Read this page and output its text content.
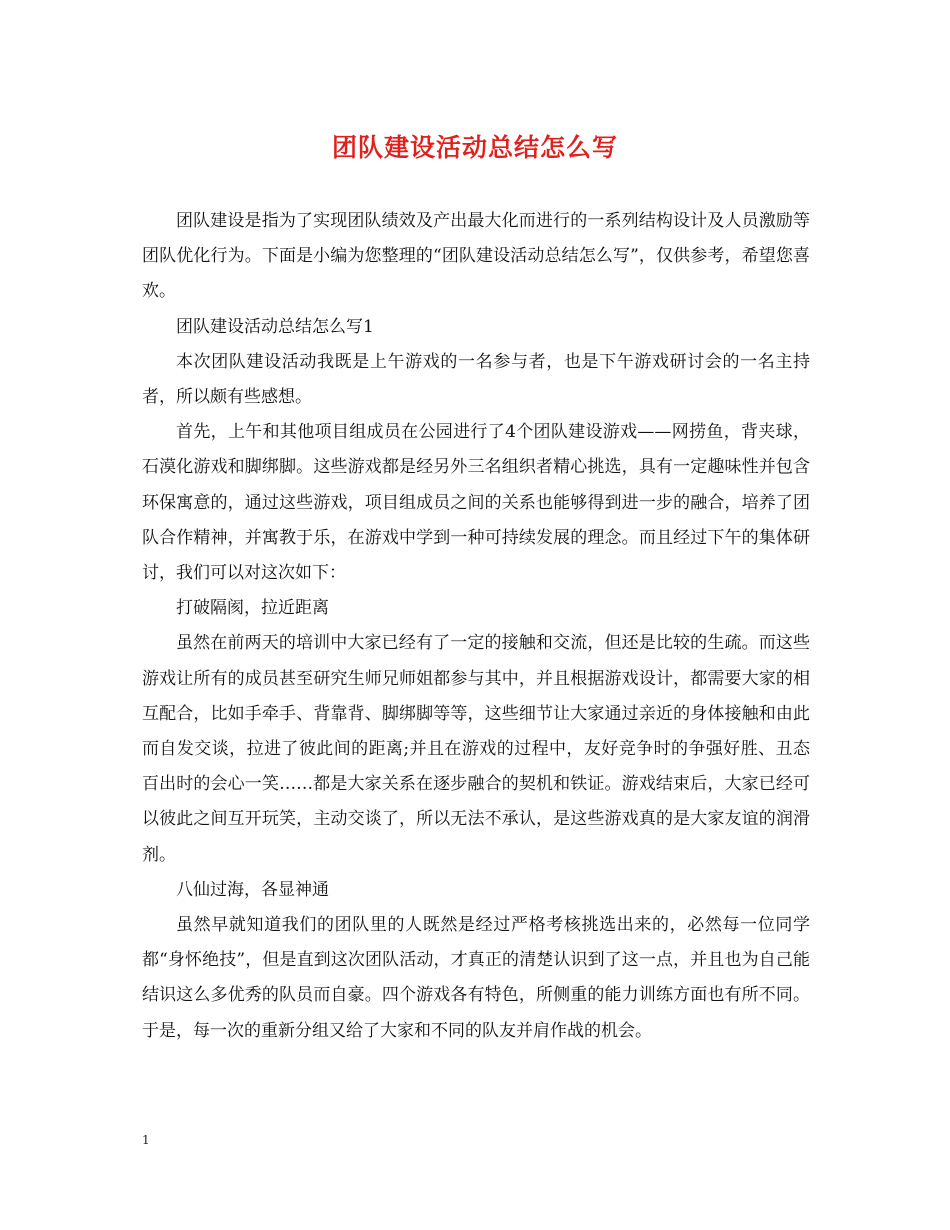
团队建设活动总结怎么写

团队建设是指为了实现团队绩效及产出最大化而进行的一系列结构设计及人员激励等团队优化行为。下面是小编为您整理的“团队建设活动总结怎么写”，仅供参考，希望您喜欢。

团队建设活动总结怎么写1

本次团队建设活动我既是上午游戏的一名参与者，也是下午游戏研讨会的一名主持者，所以颇有些感想。

首先，上午和其他项目组成员在公园进行了4个团队建设游戏——网捞鱼，背夹球，石漠化游戏和脚绑脚。这些游戏都是经另外三名组织者精心挑选，具有一定趣味性并包含环保寓意的，通过这些游戏，项目组成员之间的关系也能够得到进一步的融合，培养了团队合作精神，并寓教于乐，在游戏中学到一种可持续发展的理念。而且经过下午的集体研讨，我们可以对这次如下：

打破隔阂，拉近距离

虽然在前两天的培训中大家已经有了一定的接触和交流，但还是比较的生疏。而这些游戏让所有的成员甚至研究生师兄师姐都参与其中，并且根据游戏设计，都需要大家的相互配合，比如手牵手、背靠背、脚绑脚等等，这些细节让大家通过亲近的身体接触和由此而自发交谈，拉进了彼此间的距离;并且在游戏的过程中，友好竞争时的争强好胜、丑态百出时的会心一笑……都是大家关系在逐步融合的契机和铁证。游戏结束后，大家已经可以彼此之间互开玩笑，主动交谈了，所以无法不承认，是这些游戏真的是大家友谊的润滑剂。

八仙过海，各显神通

虽然早就知道我们的团队里的人既然是经过严格考核挑选出来的，必然每一位同学都“身怀绝技”，但是直到这次团队活动，才真正的清楚认识到了这一点，并且也为自己能结识这么多优秀的队员而自豪。四个游戏各有特色，所侧重的能力训练方面也有所不同。于是，每一次的重新分组又给了大家和不同的队友并肩作战的机会。

1
